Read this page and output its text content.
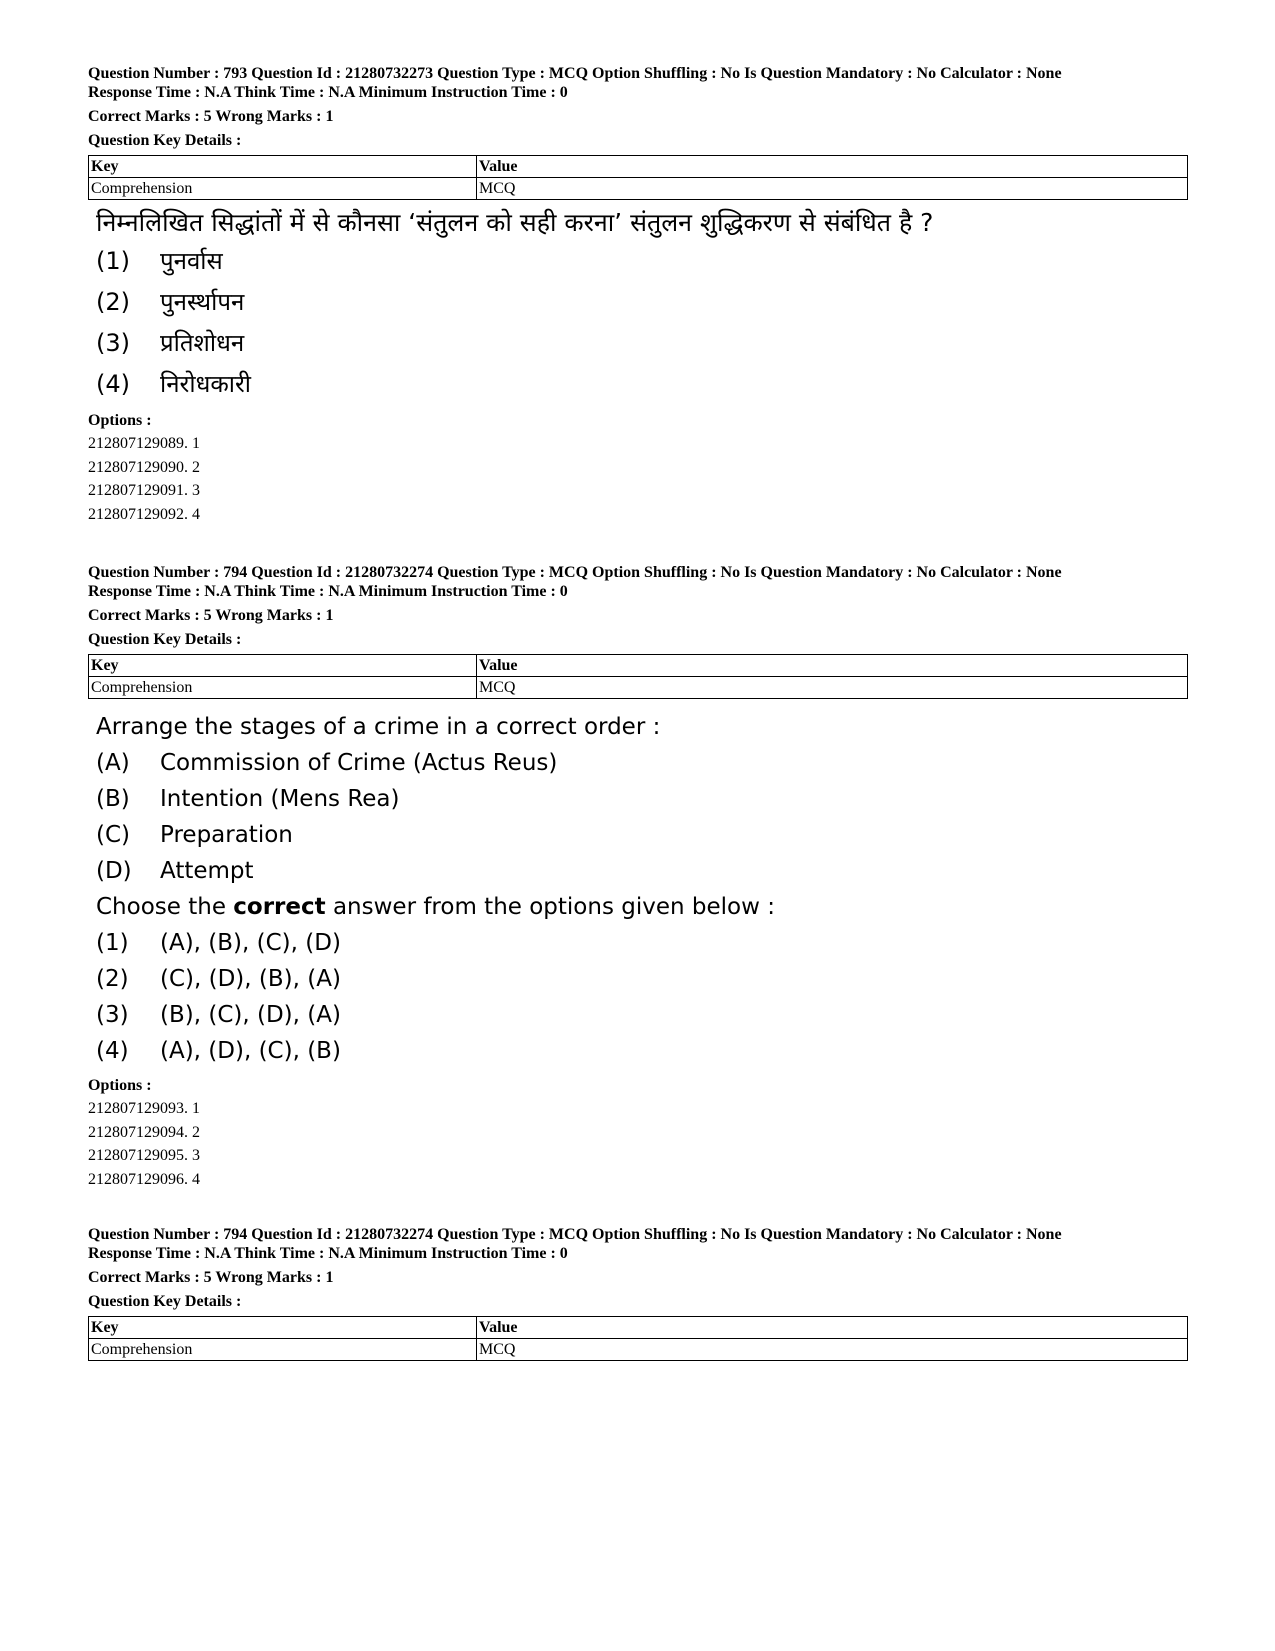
Question Number : 793 Question Id : 21280732273 Question Type : MCQ Option Shuffling : No Is Question Mandatory : No Calculator : None

Response Time : N.A Think Time : N.A Minimum Instruction Time : 0

Correct Marks : 5 Wrong Marks : 1

Question Key Details :

Key	Value
Comprehension	MCQ
निम्नलिखित सिद्धांतों में से कौनसा ‘संतुलन को सही करना’ संतुलन शुद्धिकरण से संबंधित है ?
(1)	पुनर्वास
(2)	पुनर्स्थापन
(3)	प्रतिशोधन
(4)	निरोधकारी
Options :
212807129089. 1
212807129090. 2
212807129091. 3
212807129092. 4

Question Number : 794 Question Id : 21280732274 Question Type : MCQ Option Shuffling : No Is Question Mandatory : No Calculator : None

Response Time : N.A Think Time : N.A Minimum Instruction Time : 0

Correct Marks : 5 Wrong Marks : 1

Question Key Details :

Key	Value
Comprehension	MCQ
Arrange the stages of a crime in a correct order :
(A)	Commission of Crime (Actus Reus)
(B)	Intention (Mens Rea)
(C)	Preparation
(D)	Attempt
Choose the correct answer from the options given below :
(1)	(A), (B), (C), (D)
(2)	(C), (D), (B), (A)
(3)	(B), (C), (D), (A)
(4)	(A), (D), (C), (B)
Options :
212807129093. 1
212807129094. 2
212807129095. 3
212807129096. 4

Question Number : 794 Question Id : 21280732274 Question Type : MCQ Option Shuffling : No Is Question Mandatory : No Calculator : None

Response Time : N.A Think Time : N.A Minimum Instruction Time : 0

Correct Marks : 5 Wrong Marks : 1

Question Key Details :

Key	Value
Comprehension	MCQ
